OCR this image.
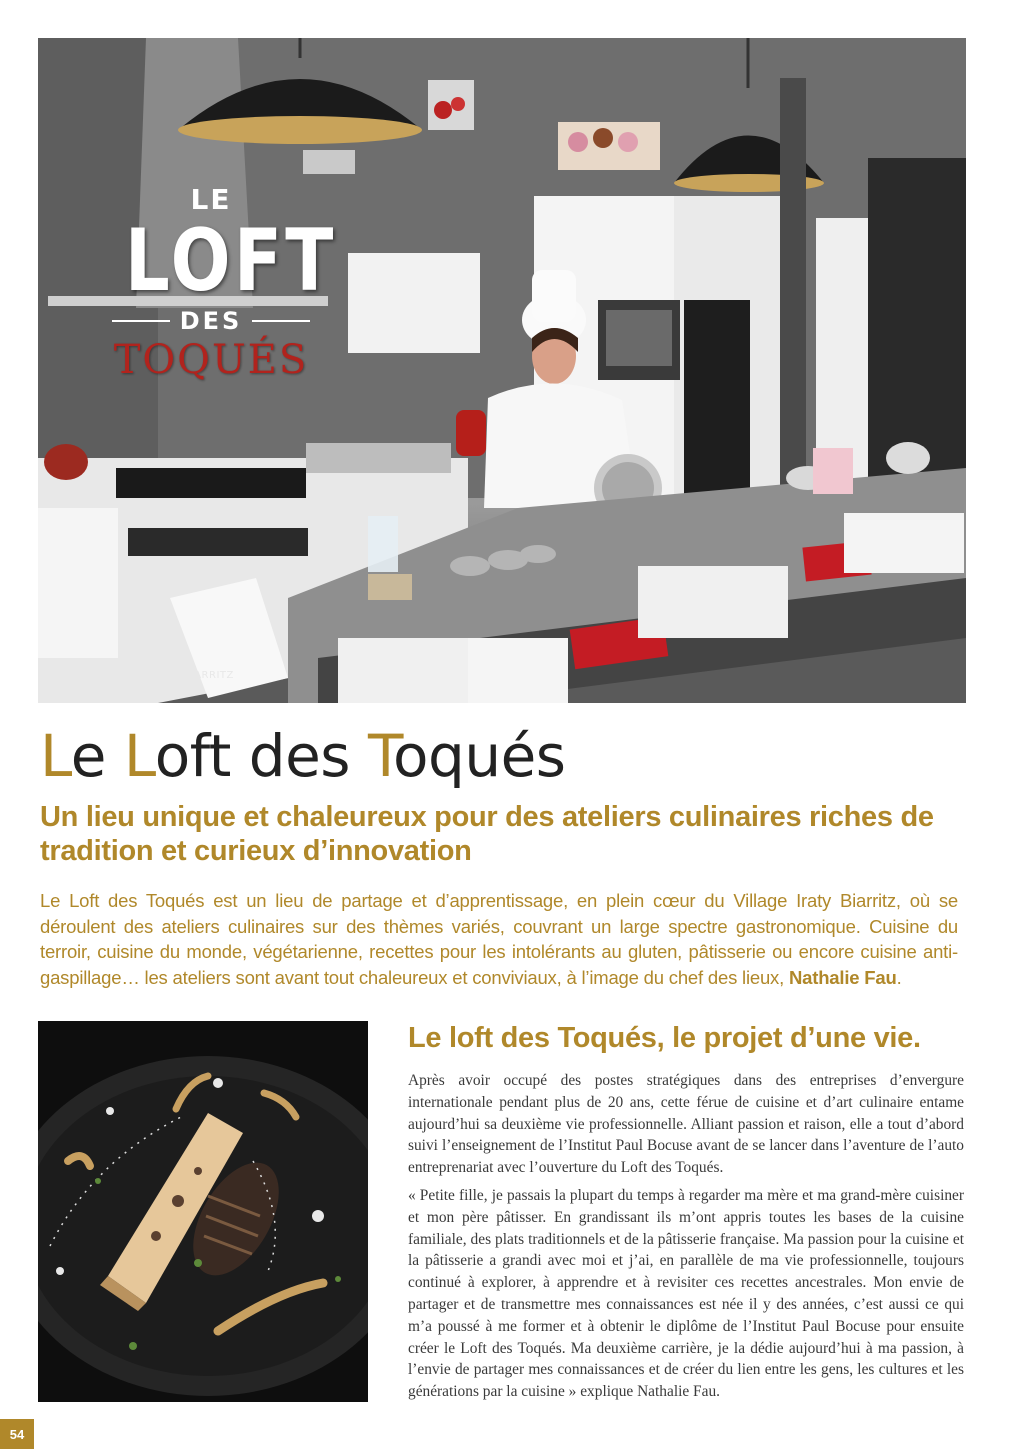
LE
LOFT
DES
TOQUÉS
PHOTO BERNARD | BIARRITZ
Le Loft des Toqués
Un lieu unique et chaleureux pour des ateliers culinaires riches de tradition et curieux d’innovation

Le Loft des Toqués est un lieu de partage et d’apprentissage, en plein cœur du Village Iraty Biarritz, où se déroulent des ateliers culinaires sur des thèmes variés, couvrant un large spectre gastronomique. Cuisine du terroir, cuisine du monde, végétarienne, recettes pour les intolérants au gluten, pâtisserie ou encore cuisine anti-gaspillage… les ateliers sont avant tout chaleureux et conviviaux, à l’image du chef des lieux, Nathalie Fau.

Le loft des Toqués, le projet d’une vie.

Après avoir occupé des postes stratégiques dans des entreprises d’envergure internationale pendant plus de 20 ans, cette férue de cuisine et d’art culinaire entame aujourd’hui sa deuxième vie professionnelle. Alliant passion et raison, elle a tout d’abord suivi l’enseignement de l’Institut Paul Bocuse avant de se lancer dans l’aventure de l’auto entreprenariat avec l’ouverture du Loft des Toqués.

« Petite fille, je passais la plupart du temps à regarder ma mère et ma grand-mère cuisiner et mon père pâtisser. En grandissant ils m’ont appris toutes les bases de la cuisine familiale, des plats traditionnels et de la pâtisserie française. Ma passion pour la cuisine et la pâtisserie a grandi avec moi et j’ai, en parallèle de ma vie professionnelle, toujours continué à explorer, à apprendre et à revisiter ces recettes ancestrales. Mon envie de partager et de transmettre mes connaissances est née il y des années, c’est aussi ce qui m’a poussé à me former et à obtenir le diplôme de l’Institut Paul Bocuse pour ensuite créer le Loft des Toqués. Ma deuxième carrière, je la dédie aujourd’hui à ma passion, à l’envie de partager mes connaissances et de créer du lien entre les gens, les cultures et les générations par la cuisine » explique Nathalie Fau.

54
